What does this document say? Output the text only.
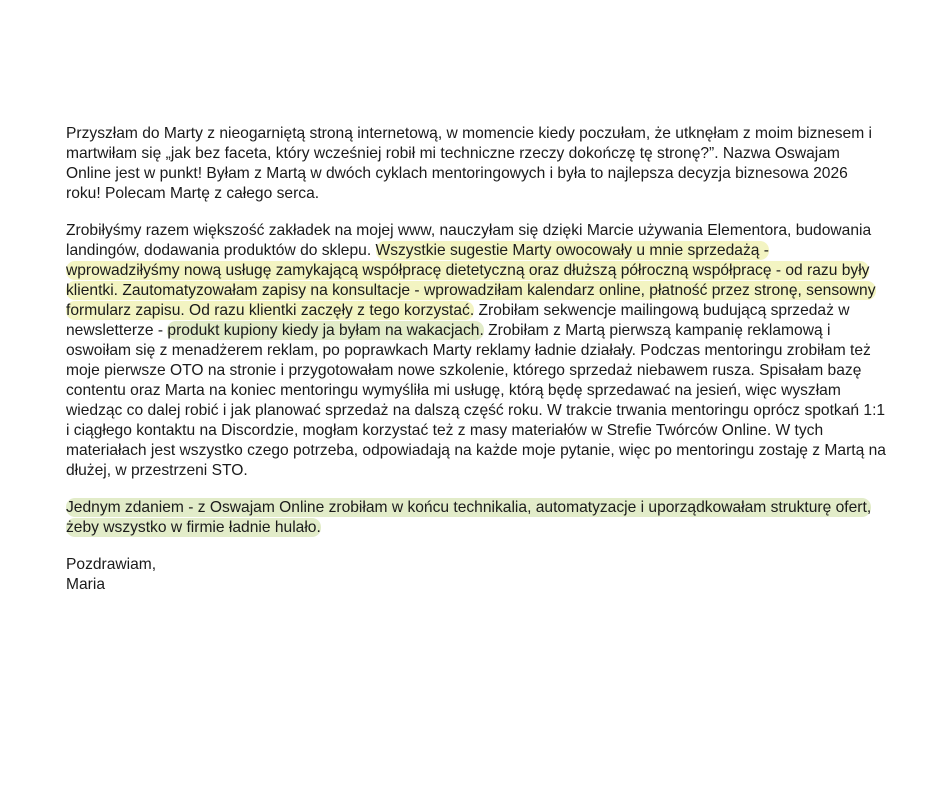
Przyszłam do Marty z nieogarniętą stroną internetową, w momencie kiedy poczułam, że utknęłam z moim biznesem i martwiłam się „jak bez faceta, który wcześniej robił mi techniczne rzeczy dokończę tę stronę?”. Nazwa Oswajam Online jest w punkt! Byłam z Martą w dwóch cyklach mentoringowych i była to najlepsza decyzja biznesowa 2026 roku! Polecam Martę z całego serca.

Zrobiłyśmy razem większość zakładek na mojej www, nauczyłam się dzięki Marcie używania Elementora, budowania landingów, dodawania produktów do sklepu. Wszystkie sugestie Marty owocowały u mnie sprzedażą - wprowadziłyśmy nową usługę zamykającą współpracę dietetyczną oraz dłuższą półroczną współpracę - od razu były klientki. Zautomatyzowałam zapisy na konsultacje - wprowadziłam kalendarz online, płatność przez stronę, sensowny formularz zapisu. Od razu klientki zaczęły z tego korzystać. Zrobiłam sekwencje mailingową budującą sprzedaż w newsletterze - produkt kupiony kiedy ja byłam na wakacjach. Zrobiłam z Martą pierwszą kampanię reklamową i oswoiłam się z menadżerem reklam, po poprawkach Marty reklamy ładnie działały. Podczas mentoringu zrobiłam też moje pierwsze OTO na stronie i przygotowałam nowe szkolenie, którego sprzedaż niebawem rusza. Spisałam bazę contentu oraz Marta na koniec mentoringu wymyśliła mi usługę, którą będę sprzedawać na jesień, więc wyszłam wiedząc co dalej robić i jak planować sprzedaż na dalszą część roku. W trakcie trwania mentoringu oprócz spotkań 1:1 i ciągłego kontaktu na Discordzie, mogłam korzystać też z masy materiałów w Strefie Twórców Online. W tych materiałach jest wszystko czego potrzeba, odpowiadają na każde moje pytanie, więc po mentoringu zostaję z Martą na dłużej, w przestrzeni STO.

Jednym zdaniem - z Oswajam Online zrobiłam w końcu technikalia, automatyzacje i uporządkowałam strukturę ofert, żeby wszystko w firmie ładnie hulało.

Pozdrawiam,
Maria
